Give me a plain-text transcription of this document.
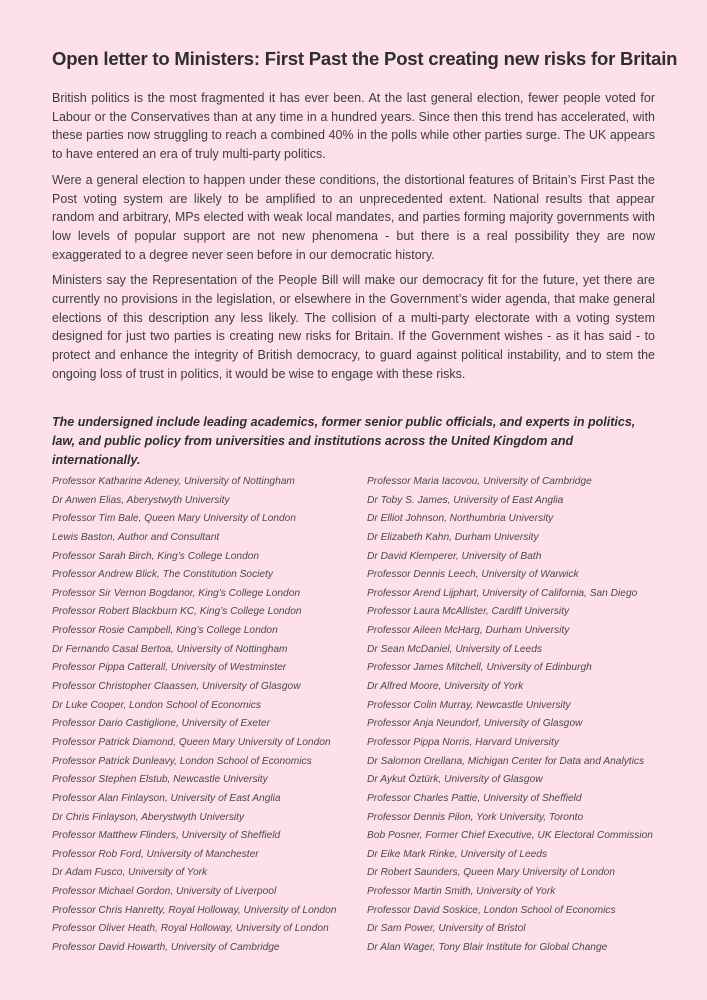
Open letter to Ministers: First Past the Post creating new risks for Britain

British politics is the most fragmented it has ever been. At the last general election, fewer people voted for Labour or the Conservatives than at any time in a hundred years. Since then this trend has accelerated, with these parties now struggling to reach a combined 40% in the polls while other parties surge. The UK appears to have entered an era of truly multi-party politics.

Were a general election to happen under these conditions, the distortional features of Britain’s First Past the Post voting system are likely to be amplified to an unprecedented extent. National results that appear random and arbitrary, MPs elected with weak local mandates, and parties forming majority governments with low levels of popular support are not new phenomena - but there is a real possibility they are now exaggerated to a degree never seen before in our democratic history.

Ministers say the Representation of the People Bill will make our democracy fit for the future, yet there are currently no provisions in the legislation, or elsewhere in the Government’s wider agenda, that make general elections of this description any less likely. The collision of a multi-party electorate with a voting system designed for just two parties is creating new risks for Britain. If the Government wishes - as it has said - to protect and enhance the integrity of British democracy, to guard against political instability, and to stem the ongoing loss of trust in politics, it would be wise to engage with these risks.

The undersigned include leading academics, former senior public officials, and experts in politics, law, and public policy from universities and institutions across the United Kingdom and internationally.

Professor Katharine Adeney, University of Nottingham
Dr Anwen Elias, Aberystwyth University
Professor Tim Bale, Queen Mary University of London
Lewis Baston, Author and Consultant
Professor Sarah Birch, King’s College London
Professor Andrew Blick, The Constitution Society
Professor Sir Vernon Bogdanor, King’s College London
Professor Robert Blackburn KC, King’s College London
Professor Rosie Campbell, King’s College London
Dr Fernando Casal Bertoa, University of Nottingham
Professor Pippa Catterall, University of Westminster
Professor Christopher Claassen, University of Glasgow
Dr Luke Cooper, London School of Economics
Professor Dario Castiglione, University of Exeter
Professor Patrick Diamond, Queen Mary University of London
Professor Patrick Dunleavy, London School of Economics
Professor Stephen Elstub, Newcastle University
Professor Alan Finlayson, University of East Anglia
Dr Chris Finlayson, Aberystwyth University
Professor Matthew Flinders, University of Sheffield
Professor Rob Ford, University of Manchester
Dr Adam Fusco, University of York
Professor Michael Gordon, University of Liverpool
Professor Chris Hanretty, Royal Holloway, University of London
Professor Oliver Heath, Royal Holloway, University of London
Professor David Howarth, University of Cambridge
Professor Maria Iacovou, University of Cambridge
Dr Toby S. James, University of East Anglia
Dr Elliot Johnson, Northumbria University
Dr Elizabeth Kahn, Durham University
Dr David Klemperer, University of Bath
Professor Dennis Leech, University of Warwick
Professor Arend Lijphart, University of California, San Diego
Professor Laura McAllister, Cardiff University
Professor Aileen McHarg, Durham University
Dr Sean McDaniel, University of Leeds
Professor James Mitchell, University of Edinburgh
Dr Alfred Moore, University of York
Professor Colin Murray, Newcastle University
Professor Anja Neundorf, University of Glasgow
Professor Pippa Norris, Harvard University
Dr Salomon Orellana, Michigan Center for Data and Analytics
Dr Aykut Öztürk, University of Glasgow
Professor Charles Pattie, University of Sheffield
Professor Dennis Pilon, York University, Toronto
Bob Posner, Former Chief Executive, UK Electoral Commission
Dr Eike Mark Rinke, University of Leeds
Dr Robert Saunders, Queen Mary University of London
Professor Martin Smith, University of York
Professor David Soskice, London School of Economics
Dr Sam Power, University of Bristol
Dr Alan Wager, Tony Blair Institute for Global Change
